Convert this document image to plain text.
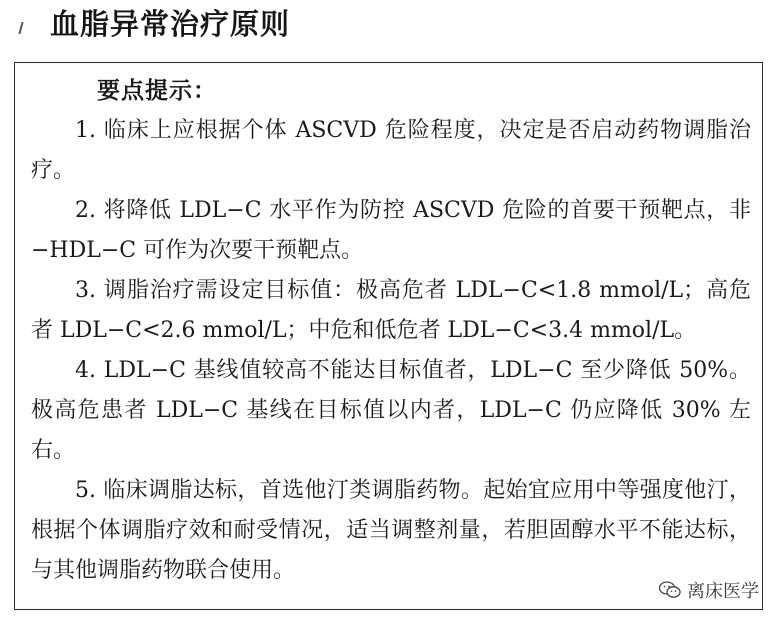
血脂异常治疗原则
要点提示：

1. 临床上应根据个体 ASCVD 危险程度，决定是否启动药物调脂治疗。

2. 将降低 LDL−C 水平作为防控 ASCVD 危险的首要干预靶点，非−HDL−C 可作为次要干预靶点。

3. 调脂治疗需设定目标值：极高危者 LDL−C<1.8 mmol/L；高危者 LDL−C<2.6 mmol/L；中危和低危者 LDL−C<3.4 mmol/L。

4. LDL−C 基线值较高不能达目标值者，LDL−C 至少降低 50%。极高危患者 LDL−C 基线在目标值以内者，LDL−C 仍应降低 30% 左右。

5. 临床调脂达标，首选他汀类调脂药物。起始宜应用中等强度他汀，根据个体调脂疗效和耐受情况，适当调整剂量，若胆固醇水平不能达标，与其他调脂药物联合使用。

离床医学
